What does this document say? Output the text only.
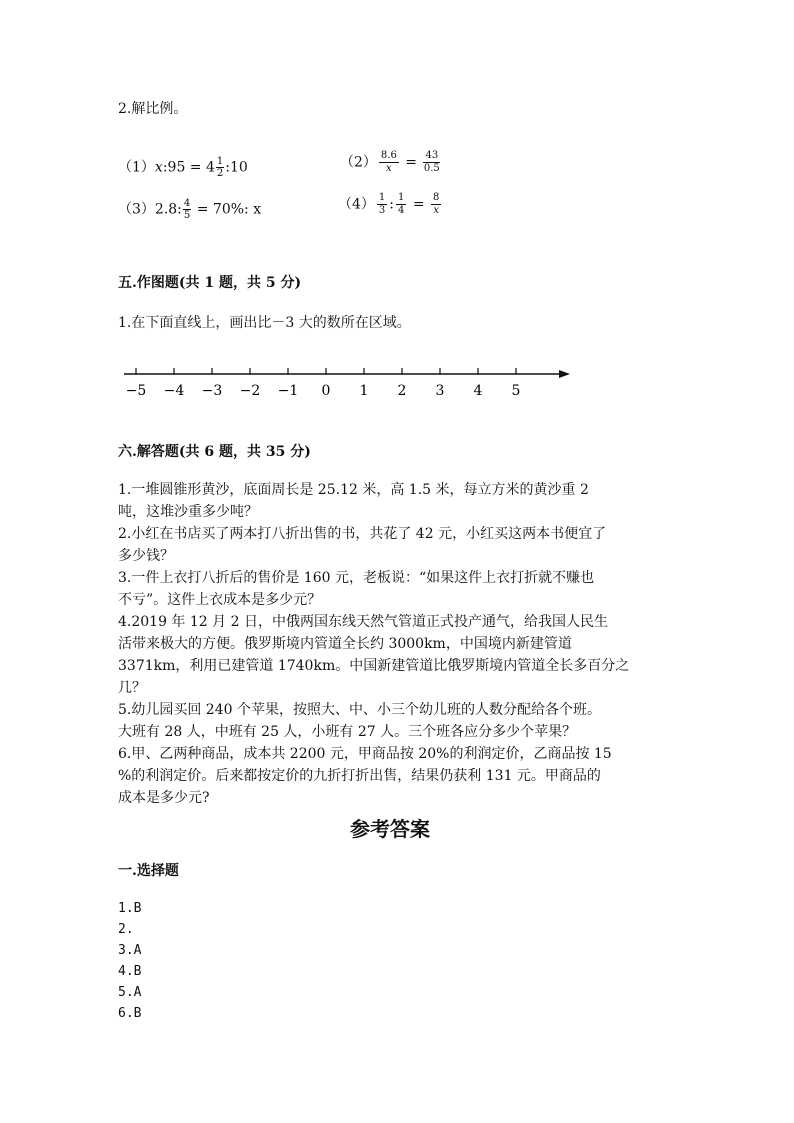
2.解比例。
（1）x:95 = $4 \frac{1}{2}$ :10	$(2) \frac{8.6}{x} = \frac{43}{0.5}$
（3）2.8: $\frac{4}{5} = 70\%$: x	$(4) \frac{1}{3}$ : $\frac{1}{4} = \frac{8}{x}$
五.作图题(共 1 题，共 5 分)
1.在下面直线上，画出比－3 大的数所在区域。
−5 −4 −3 −2 −1 0 1 2 3 4 5
六.解答题(共 6 题，共 35 分)
1.一堆圆锥形黄沙，底面周长是 25.12 米，高 1.5 米，每立方米的黄沙重 2
吨，这堆沙重多少吨？
2.小红在书店买了两本打八折出售的书，共花了 42 元，小红买这两本书便宜了
多少钱？
3.一件上衣打八折后的售价是 160 元，老板说：“如果这件上衣打折就不赚也
不亏”。这件上衣成本是多少元？
4.2019 年 12 月 2 日，中俄两国东线天然气管道正式投产通气，给我国人民生
活带来极大的方便。俄罗斯境内管道全长约 3000km，中国境内新建管道
3371km，利用已建管道 1740km。中国新建管道比俄罗斯境内管道全长多百分之
几？
5.幼儿园买回 240 个苹果，按照大、中、小三个幼儿班的人数分配给各个班。
大班有 28 人，中班有 25 人，小班有 27 人。三个班各应分多少个苹果？
6.甲、乙两种商品，成本共 2200 元，甲商品按 20%的利润定价，乙商品按 15
%的利润定价。后来都按定价的九折打折出售，结果仍获利 131 元。甲商品的
成本是多少元?
参考答案
一.选择题
1.B
2.
3.A
4.B
5.A
6.B
